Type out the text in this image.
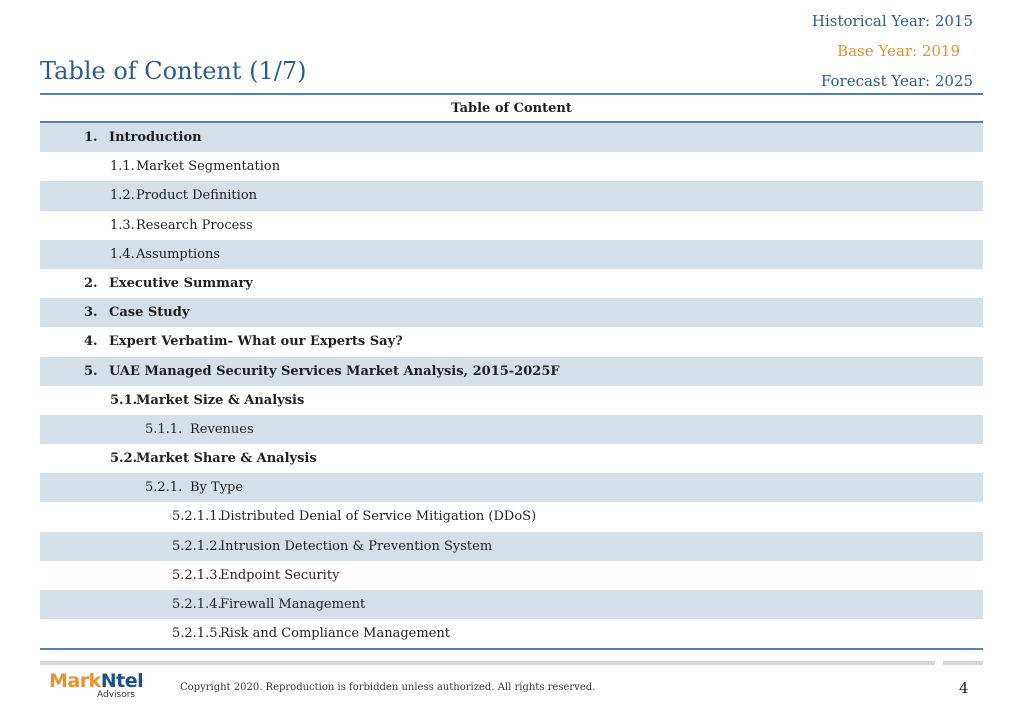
Historical Year: 2015
Base Year: 2019
Forecast Year: 2025
Table of Content (1/7)
Table of Content
1. Introduction
1.1. Market Segmentation
1.2. Product Definition
1.3. Research Process
1.4. Assumptions
2. Executive Summary
3. Case Study
4. Expert Verbatim- What our Experts Say?
5. UAE Managed Security Services Market Analysis, 2015-2025F
5.1.
Market Size & Analysis
5.1.1. Revenues
5.2.
Market Share & Analysis
5.2.1. By Type
5.2.1.1.
Distributed Denial of Service Mitigation (DDoS)
5.2.1.2.
Intrusion Detection & Prevention System
5.2.1.3.
Endpoint Security
5.2.1.4.
Firewall Management
5.2.1.5.
Risk and Compliance Management
MarkNtel
Advisors
Copyright 2020. Reproduction is forbidden unless authorized. All rights reserved.	4
